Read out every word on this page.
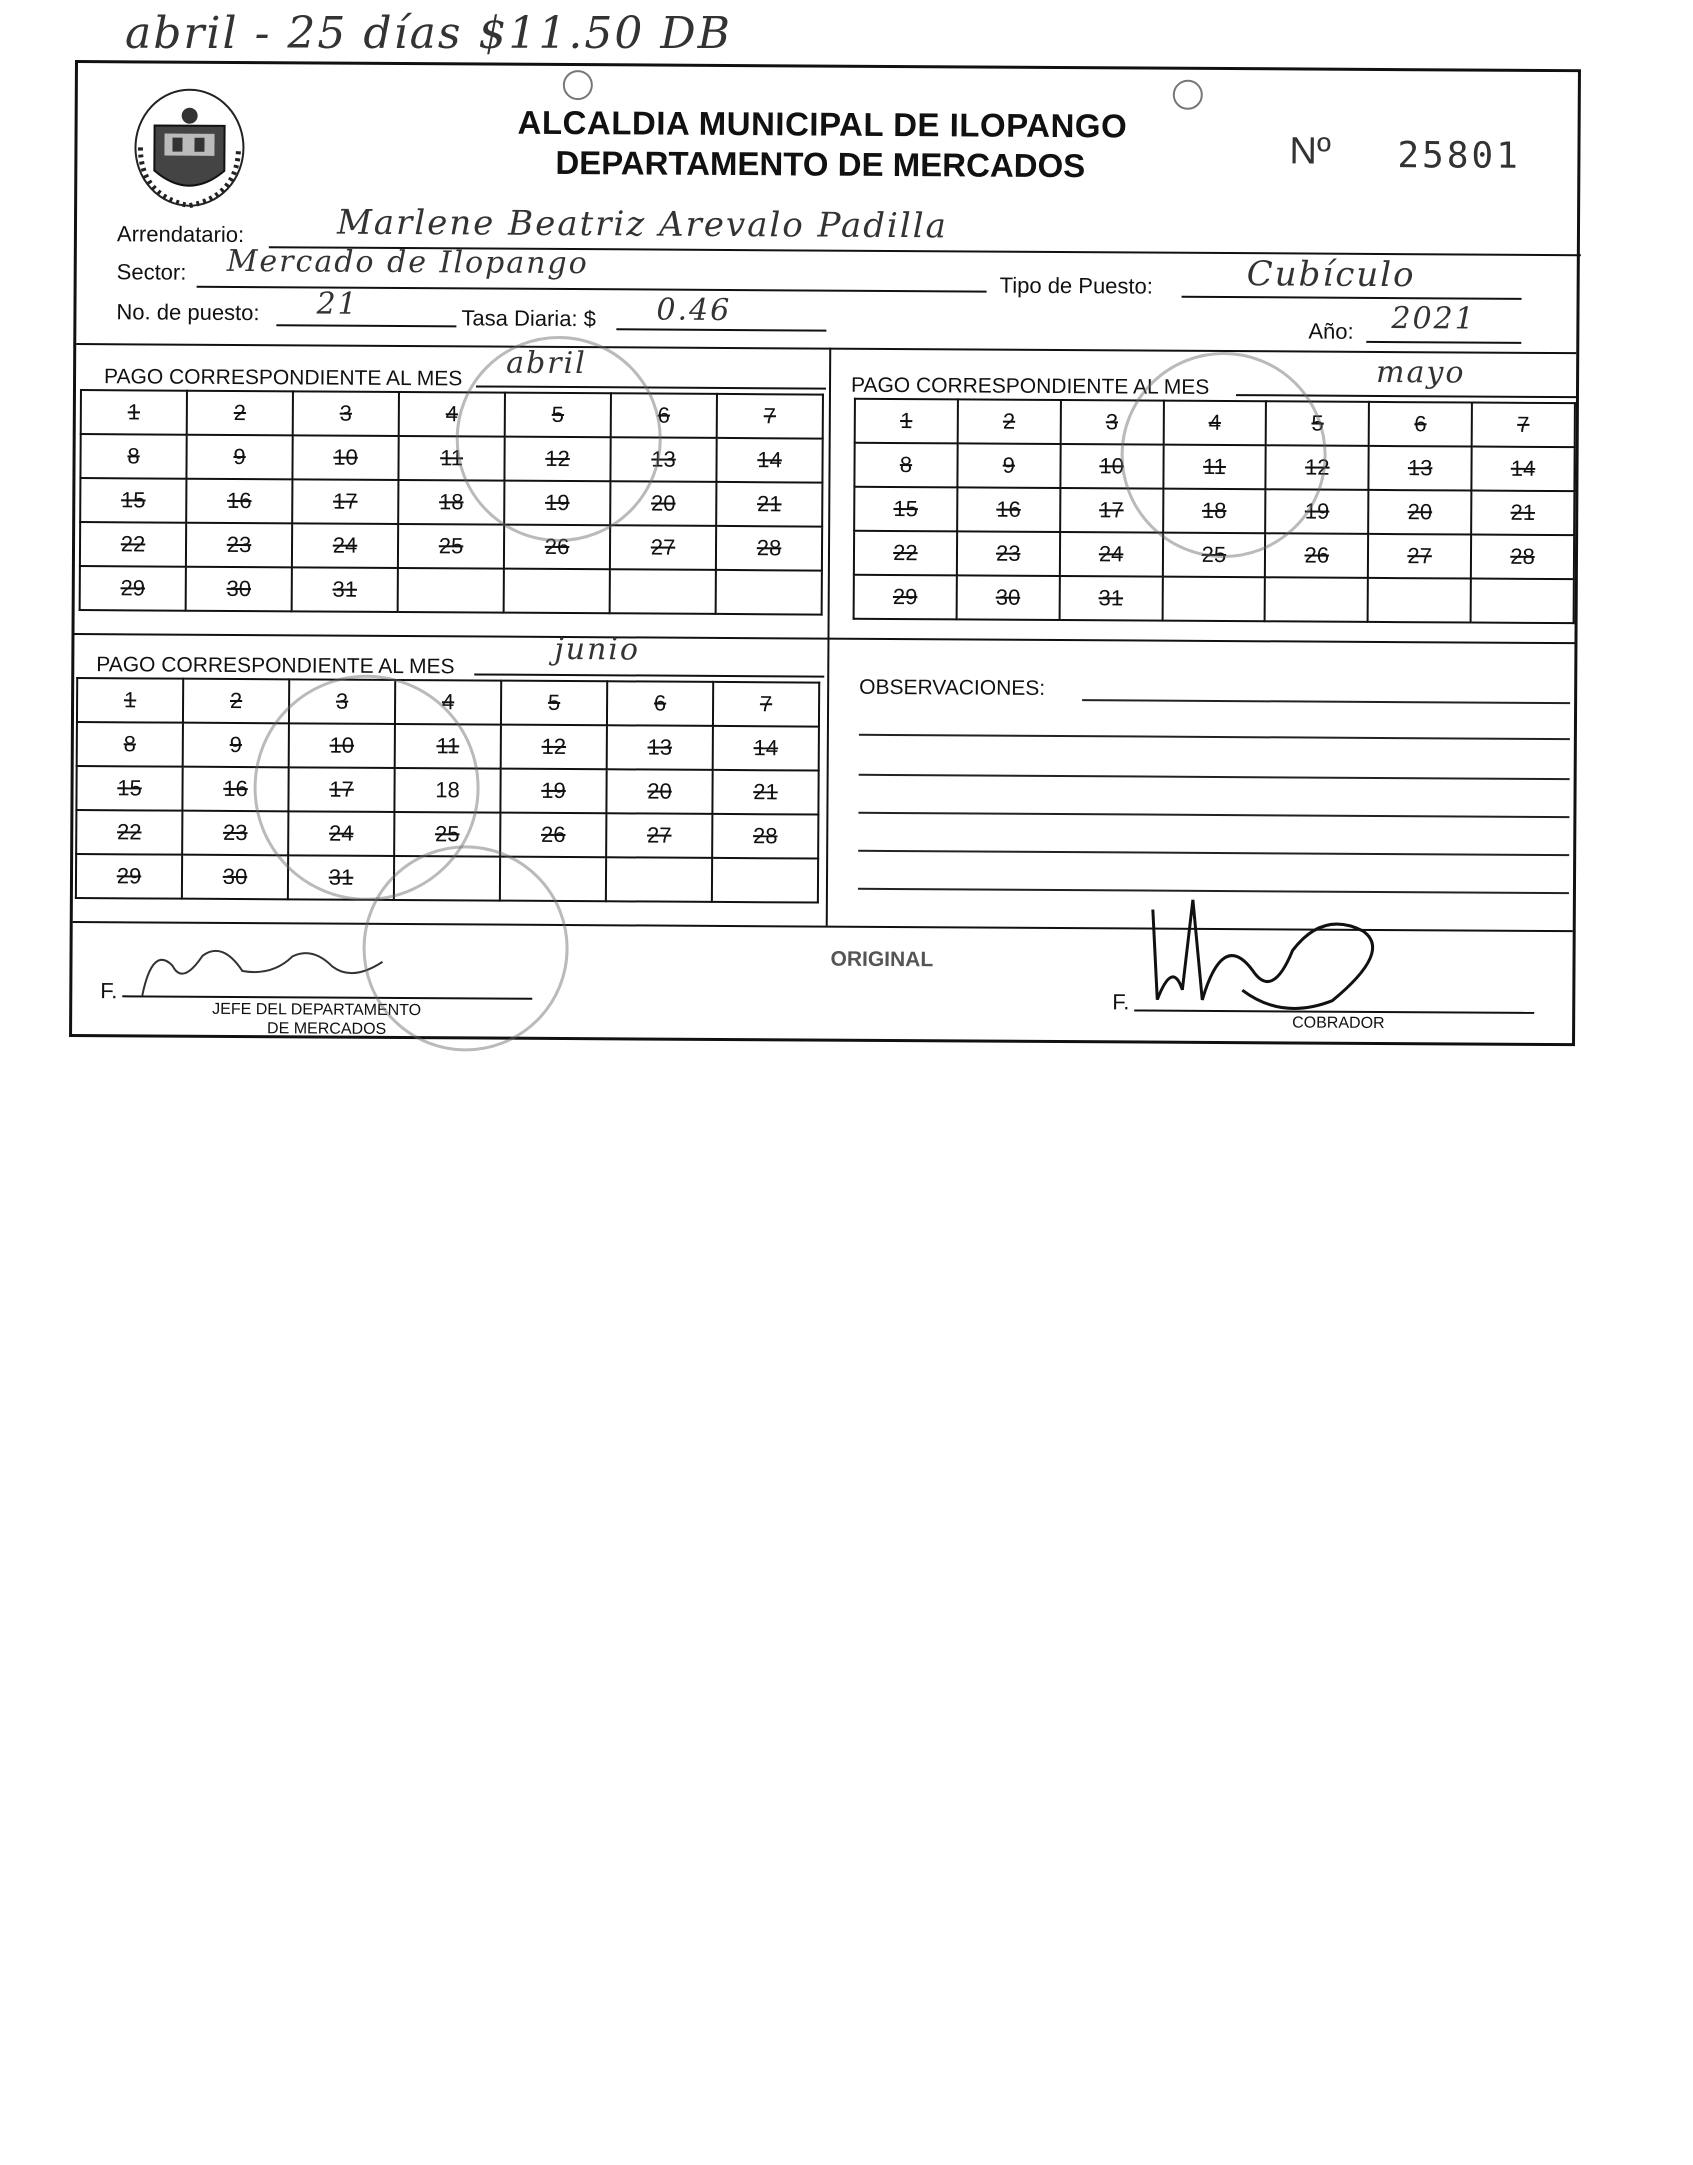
abril - 25 días $11.50 DB
ALCALDIA MUNICIPAL DE ILOPANGO
DEPARTAMENTO DE MERCADOS	Nº 25801
Arrendatario:	Marlene Beatriz Arevalo Padilla
Sector: Mercado de Ilopango
Tipo de Puesto:	Cubículo
No. de puesto: 21	Tasa Diaria: $ 0.46
Año: 2021
PAGO CORRESPONDIENTE AL MES abril
1	2	3	4	5	6	7
8	9	10	11	12	13	14
15	16	17	18	19	20	21
22	23	24	25	26	27	28
29	30	31				
PAGO CORRESPONDIENTE AL MES	mayo
1	2	3	4	5	6	7
8	9	10	11	12	13	14
15	16	17	18	19	20	21
22	23	24	25	26	27	28
29	30	31				
PAGO CORRESPONDIENTE AL MES	junio
1	2	3	4	5	6	7
8	9	10	11	12	13	14
15	16	17	18	19	20	21
22	23	24	25	26	27	28
29	30	31				
OBSERVACIONES:
ORIGINAL
F.
JEFE DEL DEPARTAMENTO
DE MERCADOS
F.
COBRADOR
